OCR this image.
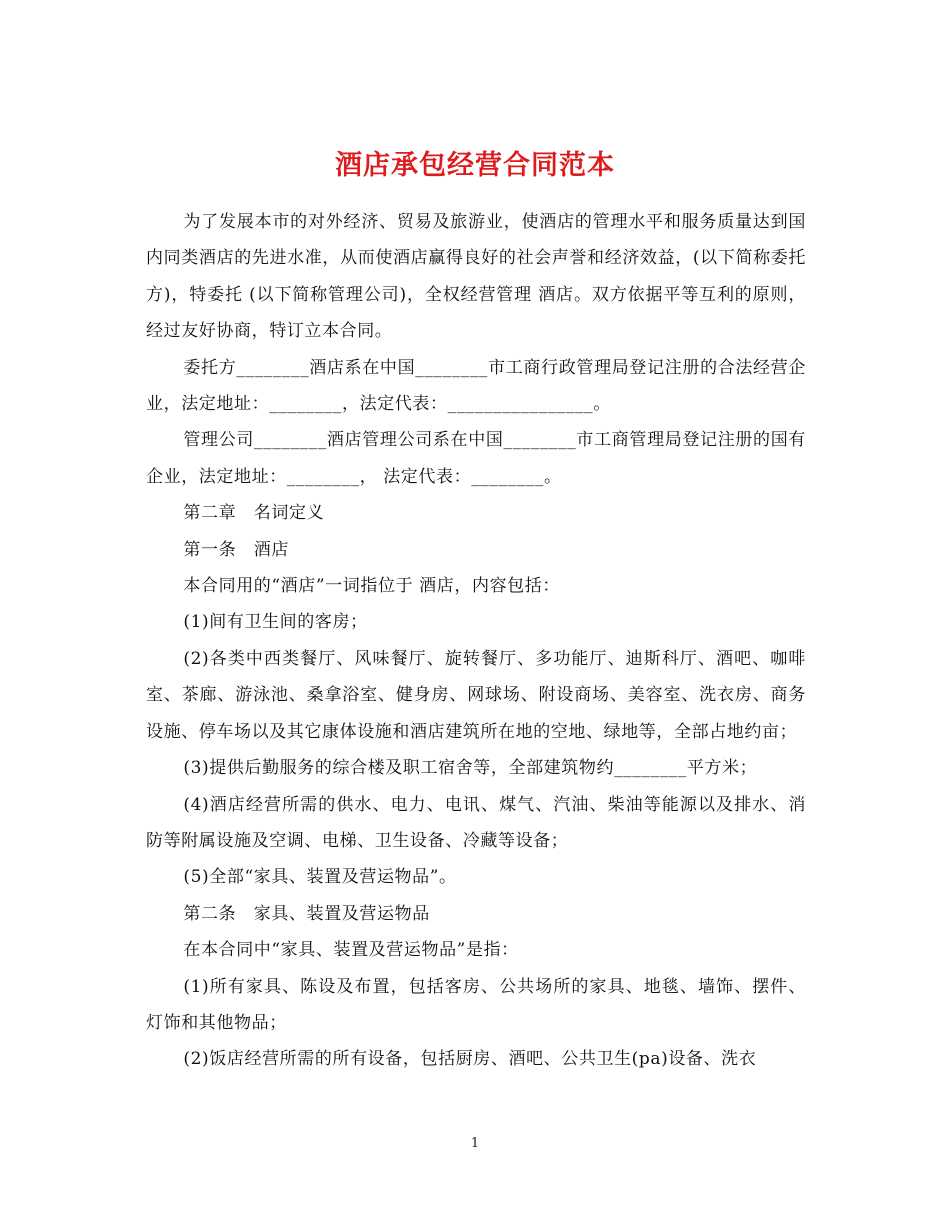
酒店承包经营合同范本

为了发展本市的对外经济、贸易及旅游业，使酒店的管理水平和服务质量达到国内同类酒店的先进水准，从而使酒店赢得良好的社会声誉和经济效益，(以下简称委托方)，特委托 (以下简称管理公司)，全权经营管理 酒店。双方依据平等互利的原则，经过友好协商，特订立本合同。

委托方________酒店系在中国________市工商行政管理局登记注册的合法经营企业，法定地址：________，法定代表：________________。

管理公司________酒店管理公司系在中国________市工商管理局登记注册的国有企业，法定地址：________， 法定代表：________。

第二章　名词定义

第一条　酒店

本合同用的“酒店”一词指位于 酒店，内容包括：

(1)间有卫生间的客房；

(2)各类中西类餐厅、风味餐厅、旋转餐厅、多功能厅、迪斯科厅、酒吧、咖啡室、茶廊、游泳池、桑拿浴室、健身房、网球场、附设商场、美容室、洗衣房、商务设施、停车场以及其它康体设施和酒店建筑所在地的空地、绿地等，全部占地约亩；

(3)提供后勤服务的综合楼及职工宿舍等，全部建筑物约________平方米；

(4)酒店经营所需的供水、电力、电讯、煤气、汽油、柴油等能源以及排水、消防等附属设施及空调、电梯、卫生设备、冷藏等设备；

(5)全部“家具、装置及营运物品”。

第二条　家具、装置及营运物品

在本合同中“家具、装置及营运物品”是指：

(1)所有家具、陈设及布置，包括客房、公共场所的家具、地毯、墙饰、摆件、灯饰和其他物品；

(2)饭店经营所需的所有设备，包括厨房、酒吧、公共卫生(pa)设备、洗衣

1
